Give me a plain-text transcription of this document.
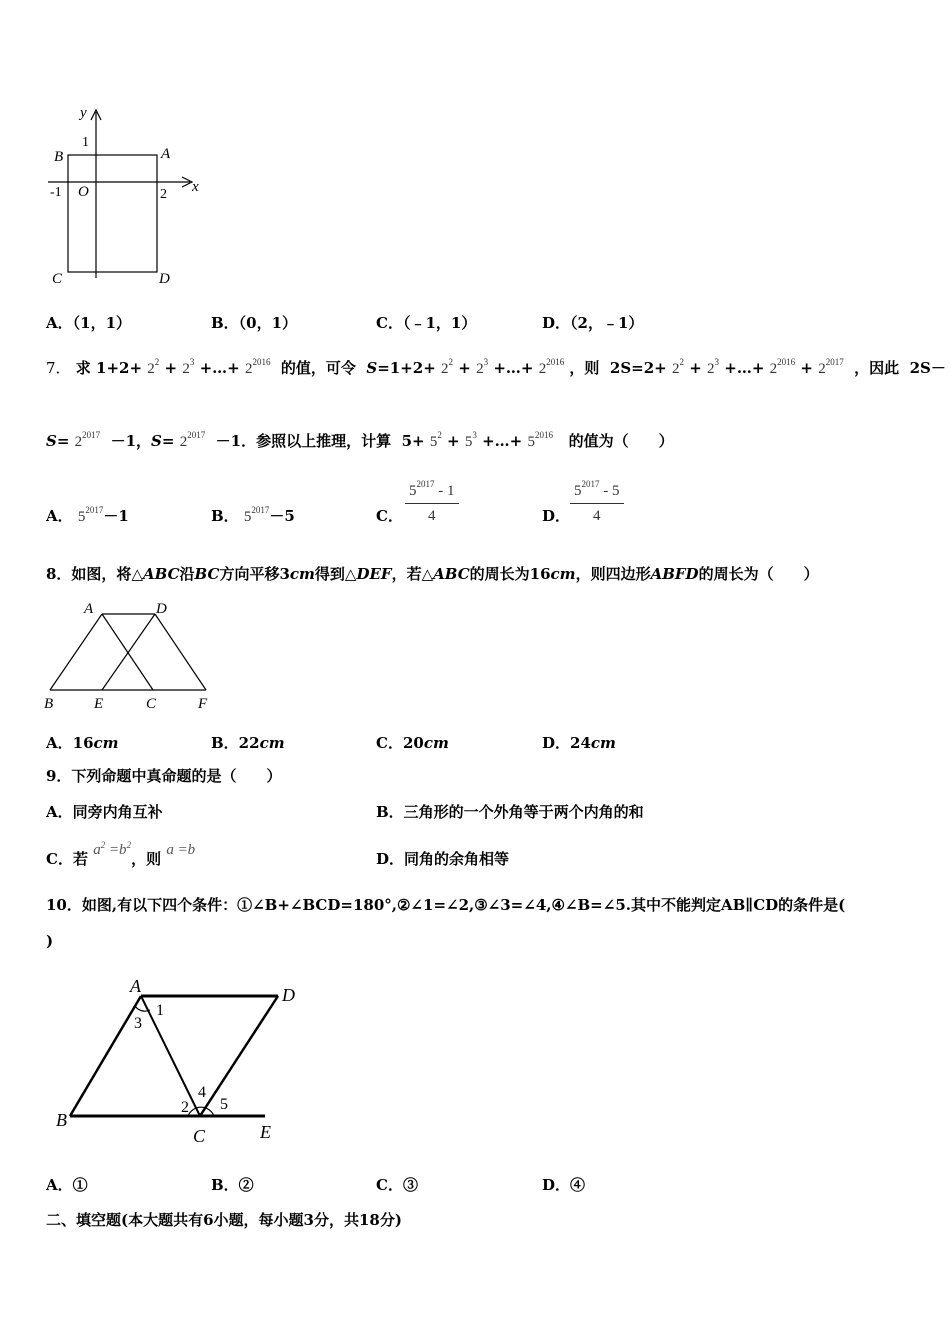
y
x
1
B	A
-1 O	2
C	D
A．（1，1）	B．（0，1）	C．（﹣1，1）	D．（2，﹣1）
7． 求 $1+2+ 2^2 + 2^3$ +…+ $2^{2016}$ 的值，可令 $S=1+2+ 2^2 + 2^3$ +…+ $2^{2016}$ ，则 $2S=2+ 2^2 + 2^3$ +…+ $2^{2016} + 2^{2017}$ ，因此 2S－
$S= 2^{2017} -1$，$S= 2^{2017} -1$．参照以上推理，计算 $5+ 5^2 + 5^3$ +…+ $5^{2016}$ 的值为（　　）
A． $5^{2017}-1$	B． $5^{2017}-5$	C． $\frac{5^{2017} - 1}{4}$	D． $\frac{5^{2017} - 5}{4}$
8．如图，将△ABC沿BC方向平移3cm得到△DEF，若△ABC的周长为16cm，则四边形ABFD的周长为（　　）
A	D
B	E	C	F
A．16cm	B．22cm	C．20cm	D．24cm
9．下列命题中真命题的是（　　）
A．同旁内角互补	B．三角形的一个外角等于两个内角的和
C．若 $a^2 =b^2$，则 a =b	D．同角的余角相等
10．如图,有以下四个条件：①∠B+∠BCD=180°,②∠1=∠2,③∠3=∠4,④∠B=∠5.其中不能判定AB∥CD的条件是(
)
A	D
B
C	E
1
3
4
2 5
A．①	B．②	C．③	D．④
二、填空题(本大题共有6小题，每小题3分，共18分)
